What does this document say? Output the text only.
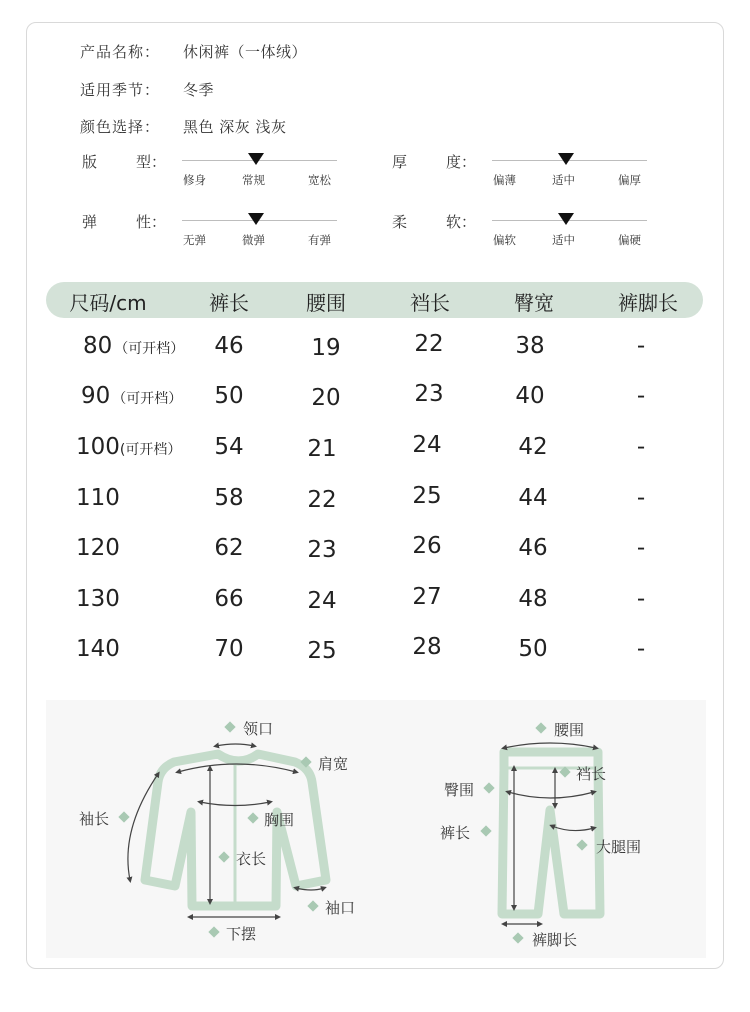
产品名称： 休闲裤（一体绒）
适用季节： 冬季
颜色选择： 黑色 深灰 浅灰
版	型：
修身	常规	宽松
厚	度：
偏薄	适中	偏厚
弹	性：
无弹	微弹	有弹
柔	软：
偏软	适中	偏硬
尺码/cm	裤长	腰围	裆长	臀宽	裤脚长
80 （可开档） 46	19	22	38	-
90 （可开档） 50	20	23	40	-
100(可开档） 54	21	24	42	-
110	58	22	25	44	-
120	62	23	26	46	-
130	66	24	27	48	-
140	70	25	28	50	-
领口
肩宽
袖长	胸围
衣长
袖口
下摆
腰围
裆长
臀围
裤长
大腿围
裤脚长
